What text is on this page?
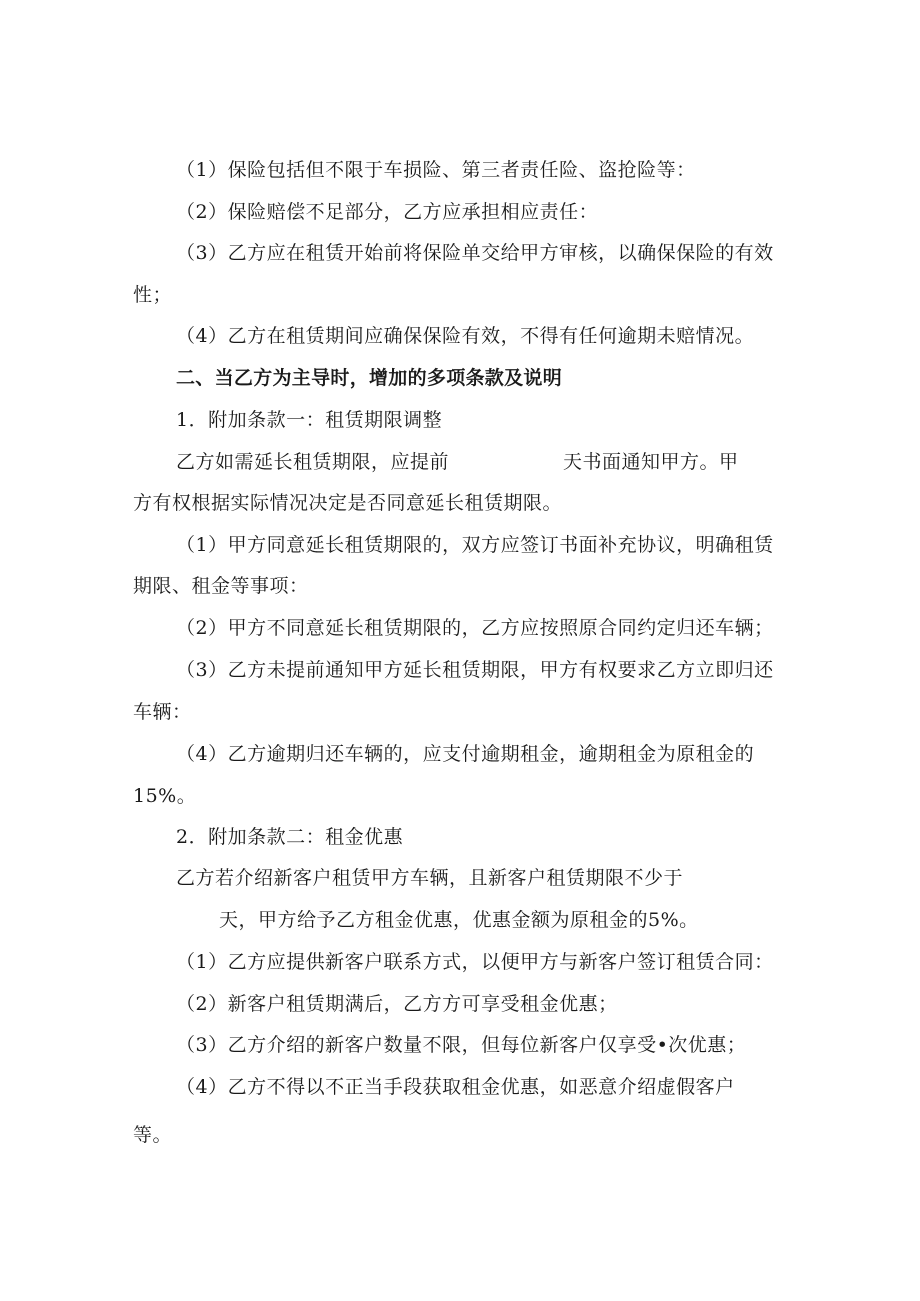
（1）保险包括但不限于车损险、第三者责任险、盗抢险等：
（2）保险赔偿不足部分，乙方应承担相应责任：
（3）乙方应在租赁开始前将保险单交给甲方审核，以确保保险的有效
性；
（4）乙方在租赁期间应确保保险有效，不得有任何逾期未赔情况。
二、当乙方为主导时，增加的多项条款及说明
1．附加条款一：租赁期限调整
乙方如需延长租赁期限，应提前	天书面通知甲方。甲
方有权根据实际情况决定是否同意延长租赁期限。
（1）甲方同意延长租赁期限的，双方应签订书面补充协议，明确租赁
期限、租金等事项：
（2）甲方不同意延长租赁期限的，乙方应按照原合同约定归还车辆；
（3）乙方未提前通知甲方延长租赁期限，甲方有权要求乙方立即归还
车辆：
（4）乙方逾期归还车辆的，应支付逾期租金，逾期租金为原租金的
15%。
2．附加条款二：租金优惠
乙方若介绍新客户租赁甲方车辆，且新客户租赁期限不少于
天，甲方给予乙方租金优惠，优惠金额为原租金的5%。
（1）乙方应提供新客户联系方式，以便甲方与新客户签订租赁合同：
（2）新客户租赁期满后，乙方方可享受租金优惠；
（3）乙方介绍的新客户数量不限，但每位新客户仅享受•次优惠；
（4）乙方不得以不正当手段获取租金优惠，如恶意介绍虚假客户
等。
